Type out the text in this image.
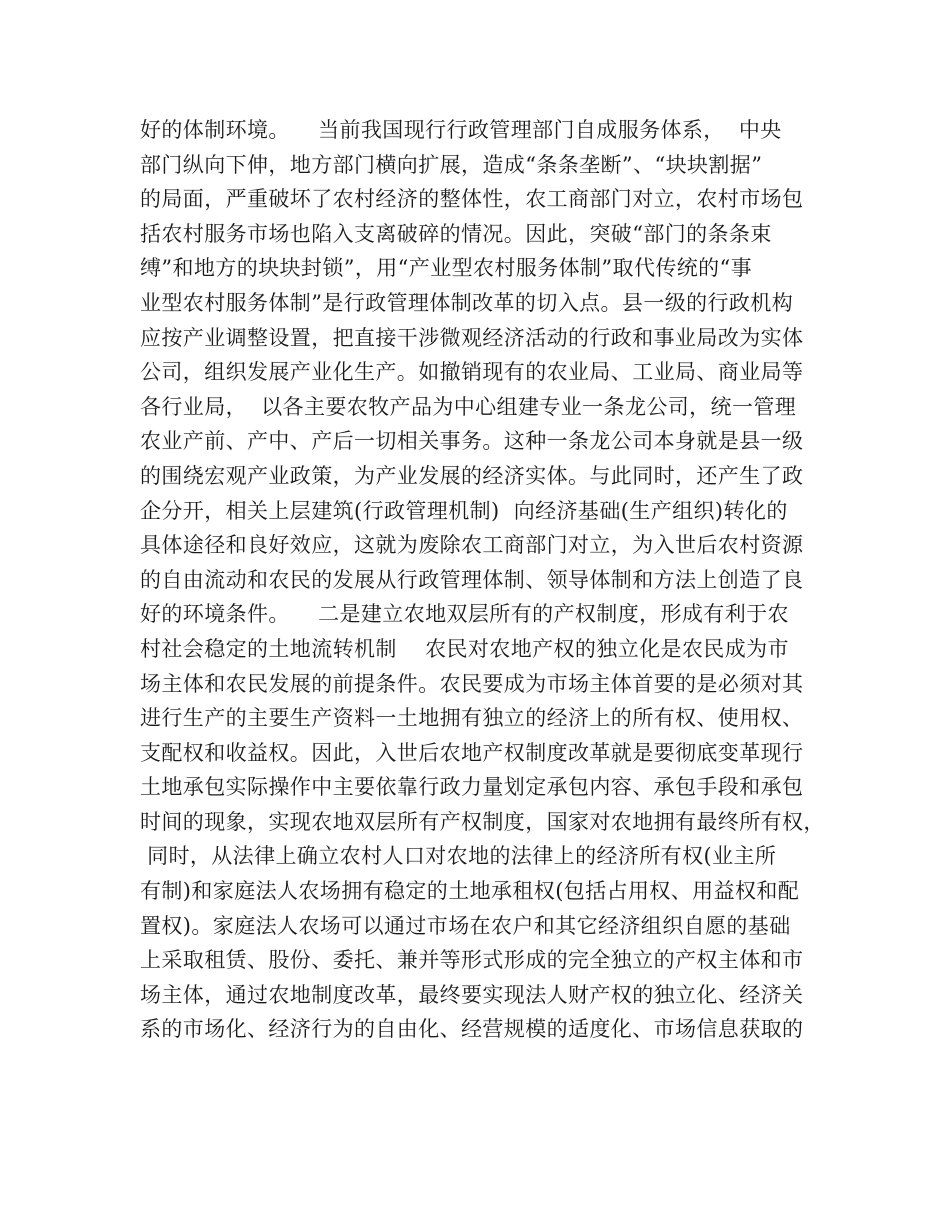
好的体制环境。    当前我国现行行政管理部门自成服务体系，  中央
部门纵向下伸，地方部门横向扩展，造成“条条垄断”、“块块割据”
的局面，严重破坏了农村经济的整体性，农工商部门对立，农村市场包
括农村服务市场也陷入支离破碎的情况。因此，突破“部门的条条束
缚”和地方的块块封锁”，用“产业型农村服务体制”取代传统的“事
业型农村服务体制”是行政管理体制改革的切入点。县一级的行政机构
应按产业调整设置，把直接干涉微观经济活动的行政和事业局改为实体
公司，组织发展产业化生产。如撤销现有的农业局、工业局、商业局等
各行业局，  以各主要农牧产品为中心组建专业一条龙公司，统一管理
农业产前、产中、产后一切相关事务。这种一条龙公司本身就是县一级
的围绕宏观产业政策，为产业发展的经济实体。与此同时，还产生了政
企分开，相关上层建筑(行政管理机制)  向经济基础(生产组织)转化的
具体途径和良好效应，这就为废除农工商部门对立，为入世后农村资源
的自由流动和农民的发展从行政管理体制、领导体制和方法上创造了良
好的环境条件。    二是建立农地双层所有的产权制度，形成有利于农
村社会稳定的土地流转机制    农民对农地产权的独立化是农民成为市
场主体和农民发展的前提条件。农民要成为市场主体首要的是必须对其
进行生产的主要生产资料一土地拥有独立的经济上的所有权、使用权、
支配权和收益权。因此，入世后农地产权制度改革就是要彻底变革现行
土地承包实际操作中主要依靠行政力量划定承包内容、承包手段和承包
时间的现象，实现农地双层所有产权制度，国家对农地拥有最终所有权，
同时，从法律上确立农村人口对农地的法律上的经济所有权(业主所
有制)和家庭法人农场拥有稳定的土地承租权(包括占用权、用益权和配
置权)。家庭法人农场可以通过市场在农户和其它经济组织自愿的基础
上采取租赁、股份、委托、兼并等形式形成的完全独立的产权主体和市
场主体，通过农地制度改革，最终要实现法人财产权的独立化、经济关
系的市场化、经济行为的自由化、经营规模的适度化、市场信息获取的
